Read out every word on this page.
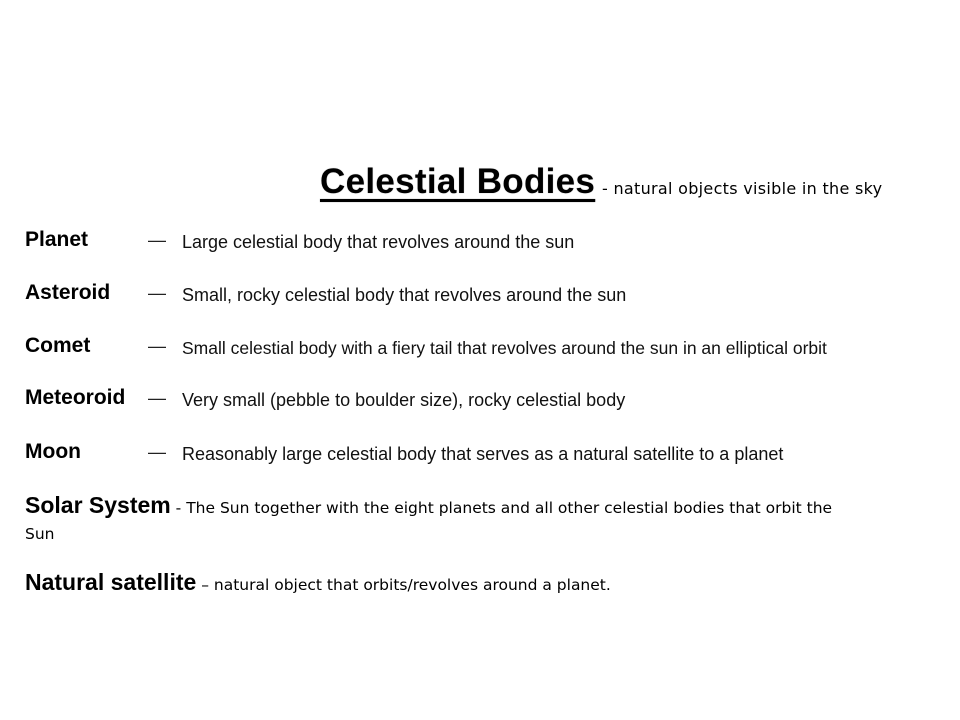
Celestial Bodies - natural objects visible in the sky
Planet	— Large celestial body that revolves around the sun
Asteroid — Small, rocky celestial body that revolves around the sun
Comet	— Small celestial body with a fiery tail that revolves around the sun in an elliptical orbit
Meteoroid — Very small (pebble to boulder size), rocky celestial body
Moon	— Reasonably large celestial body that serves as a natural satellite to a planet
Solar System - The Sun together with the eight planets and all other celestial bodies that orbit the Sun
Natural satellite – natural object that orbits/revolves around a planet.
